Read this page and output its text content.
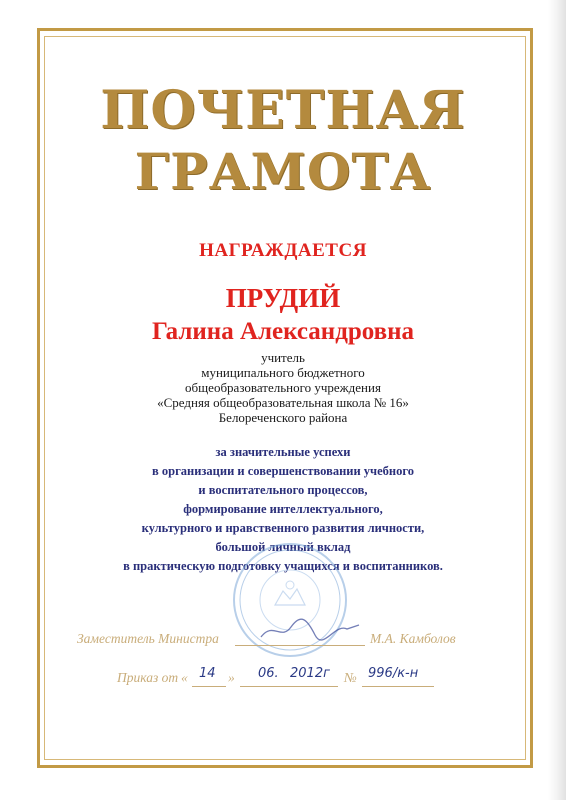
ПОЧЕТНАЯ
ГРАМОТА
НАГРАЖДАЕТСЯ
ПРУДИЙ
Галина Александровна
учитель
муниципального бюджетного
общеобразовательного учреждения
«Средняя общеобразовательная школа № 16»
Белореченского района
за значительные успехи
в организации и совершенствовании учебного
и воспитательного процессов,
формирование интеллектуального,
культурного и нравственного развития личности,
большой личный вклад
в практическую подготовку учащихся и воспитанников.
Заместитель Министра	М.А. Камболов
Приказ от « 14 » 06. 2012г № 996/к-н
